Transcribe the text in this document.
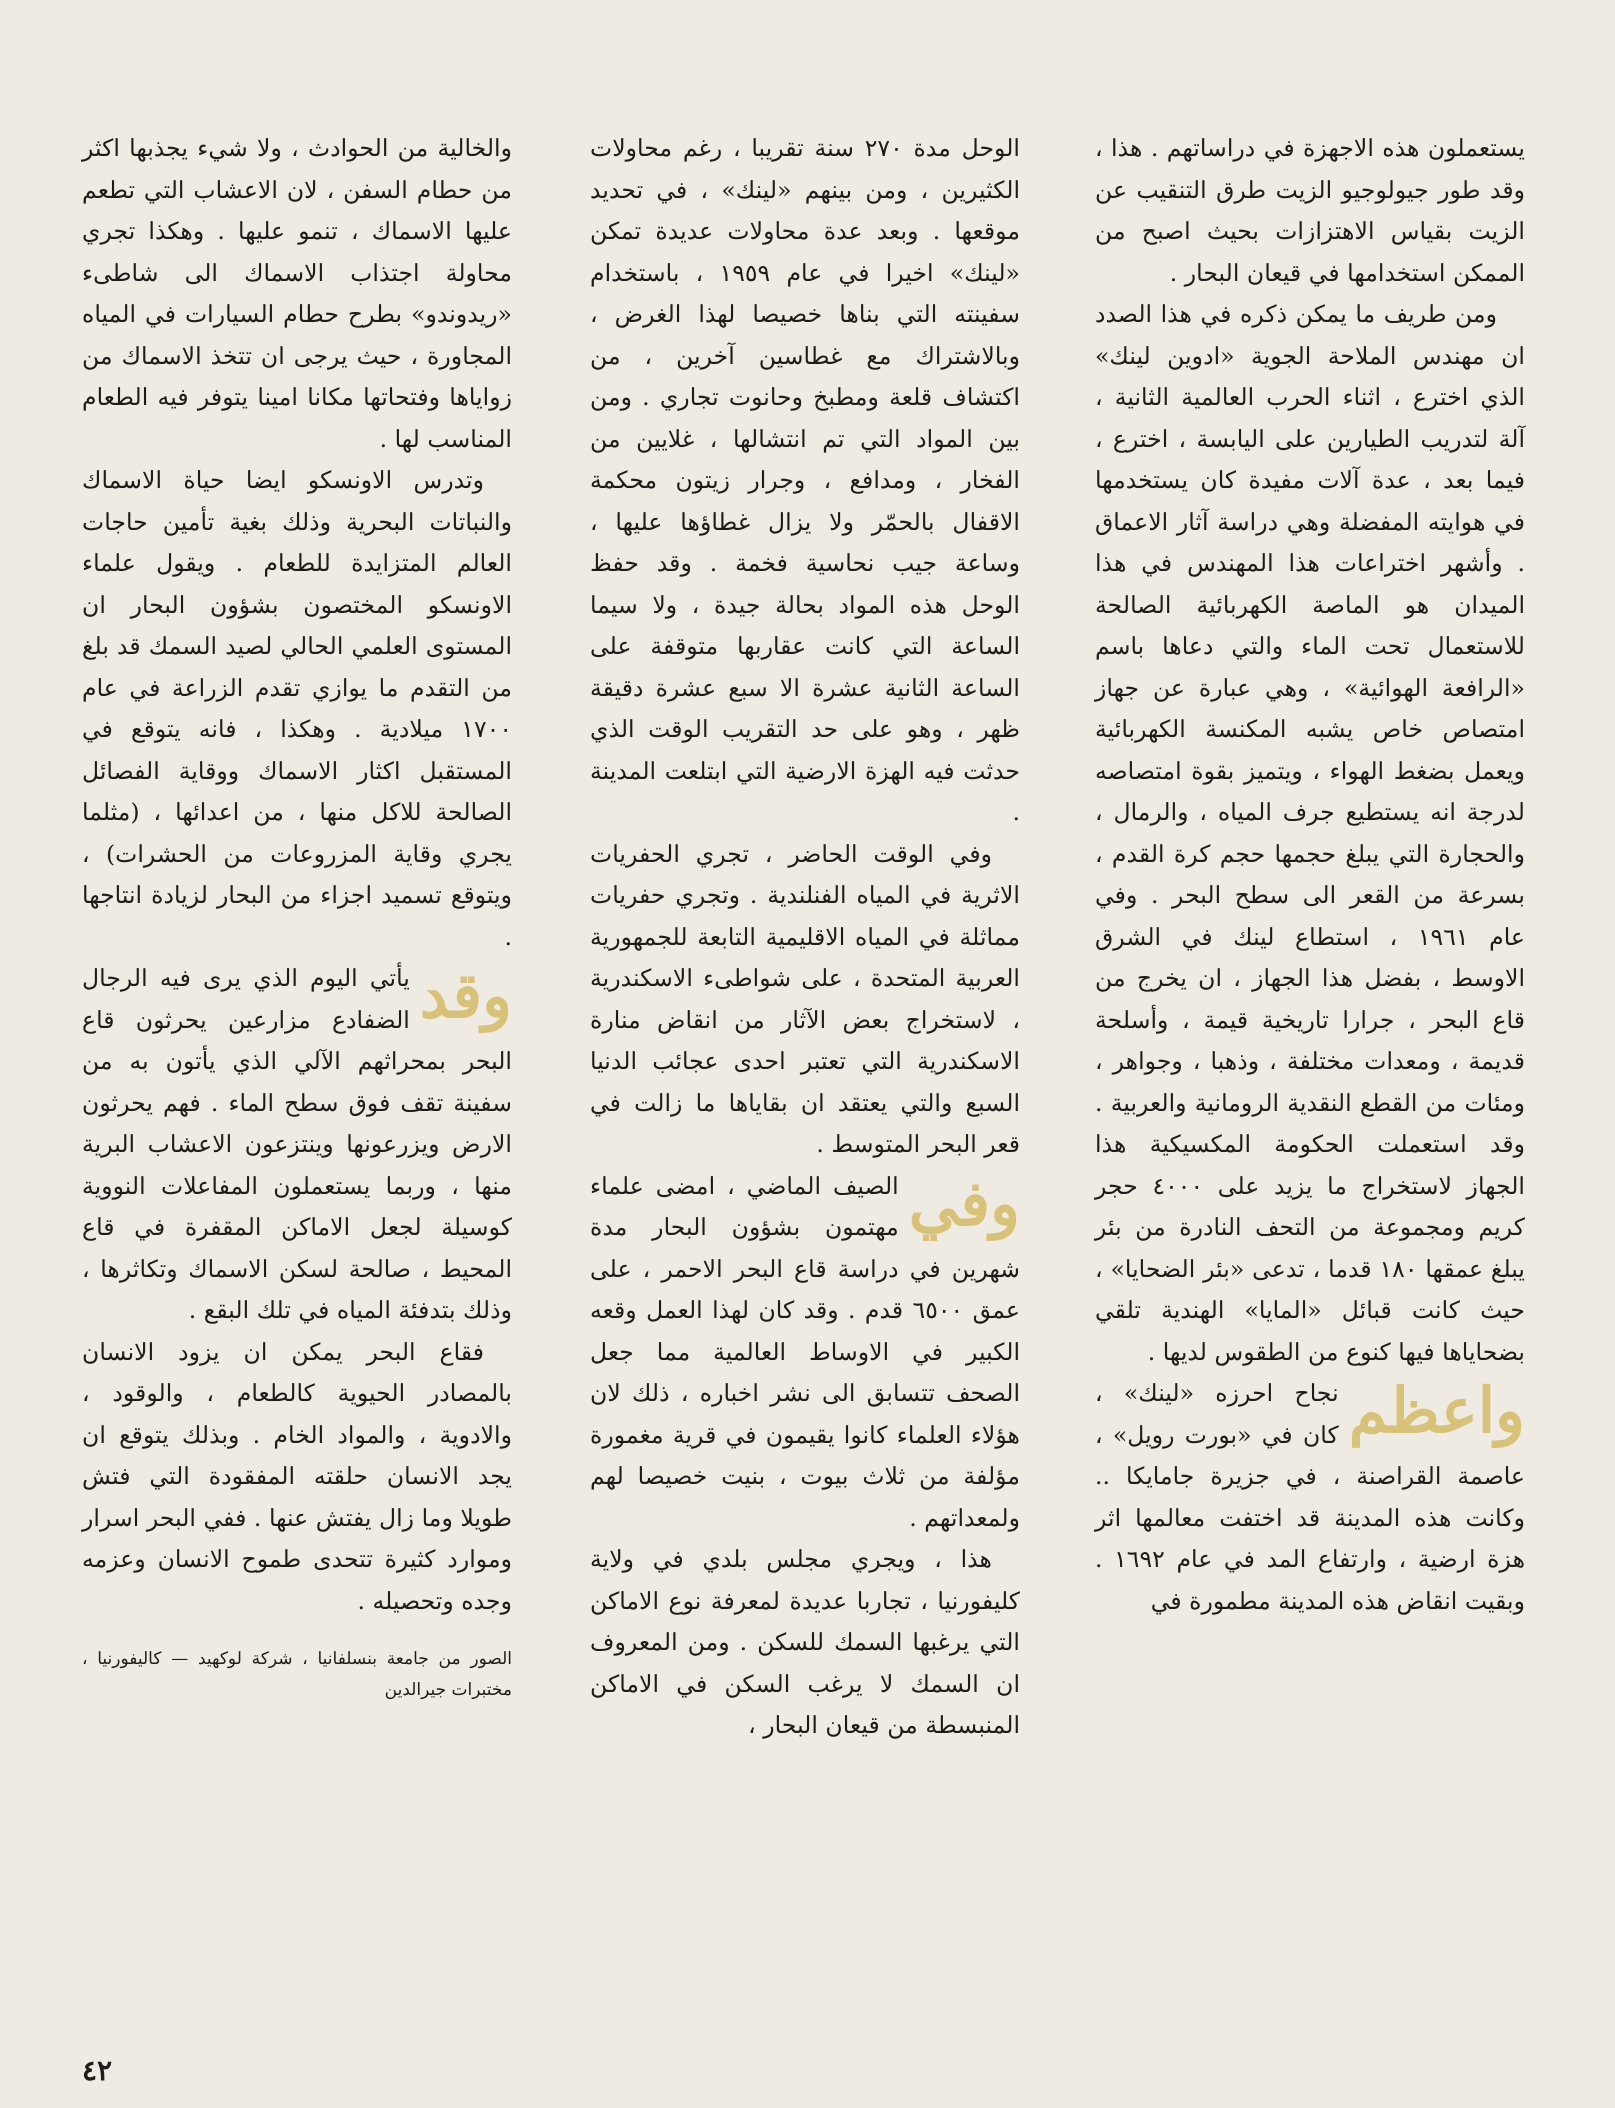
يستعملون هذه الاجهزة في دراساتهم . هذا ، وقد طور جيولوجيو الزيت طرق التنقيب عن الزيت بقياس الاهتزازات بحيث اصبح من الممكن استخدامها في قيعان البحار .

ومن طريف ما يمكن ذكره في هذا الصدد ان مهندس الملاحة الجوية «ادوين لينك» الذي اخترع ، اثناء الحرب العالمية الثانية ، آلة لتدريب الطيارين على اليابسة ، اخترع ، فيما بعد ، عدة آلات مفيدة كان يستخدمها في هوايته المفضلة وهي دراسة آثار الاعماق . وأشهر اختراعات هذا المهندس في هذا الميدان هو الماصة الكهربائية الصالحة للاستعمال تحت الماء والتي دعاها باسم «الرافعة الهوائية» ، وهي عبارة عن جهاز امتصاص خاص يشبه المكنسة الكهربائية ويعمل بضغط الهواء ، ويتميز بقوة امتصاصه لدرجة انه يستطيع جرف المياه ، والرمال ، والحجارة التي يبلغ حجمها حجم كرة القدم ، بسرعة من القعر الى سطح البحر . وفي عام ١٩٦١ ، استطاع لينك في الشرق الاوسط ، بفضل هذا الجهاز ، ان يخرج من قاع البحر ، جرارا تاريخية قيمة ، وأسلحة قديمة ، ومعدات مختلفة ، وذهبا ، وجواهر ، ومئات من القطع النقدية الرومانية والعربية . وقد استعملت الحكومة المكسيكية هذا الجهاز لاستخراج ما يزيد على ٤٠٠٠ حجر كريم ومجموعة من التحف النادرة من بئر يبلغ عمقها ١٨٠ قدما ، تدعى «بئر الضحايا» ، حيث كانت قبائل «المايا» الهندية تلقي بضحاياها فيها كنوع من الطقوس لديها .

واعظم
نجاح احرزه «لينك» ، كان في «بورت رويل» ، عاصمة القراصنة ، في جزيرة جامايكا .. وكانت هذه المدينة قد اختفت معالمها اثر هزة ارضية ، وارتفاع المد في عام ١٦٩٢ . وبقيت انقاض هذه المدينة مطمورة في

الوحل مدة ٢٧٠ سنة تقريبا ، رغم محاولات الكثيرين ، ومن بينهم «لينك» ، في تحديد موقعها . وبعد عدة محاولات عديدة تمكن «لينك» اخيرا في عام ١٩٥٩ ، باستخدام سفينته التي بناها خصيصا لهذا الغرض ، وبالاشتراك مع غطاسين آخرين ، من اكتشاف قلعة ومطبخ وحانوت تجاري . ومن بين المواد التي تم انتشالها ، غلايين من الفخار ، ومدافع ، وجرار زيتون محكمة الاقفال بالحمّر ولا يزال غطاؤها عليها ، وساعة جيب نحاسية فخمة . وقد حفظ الوحل هذه المواد بحالة جيدة ، ولا سيما الساعة التي كانت عقاربها متوقفة على الساعة الثانية عشرة الا سبع عشرة دقيقة ظهر ، وهو على حد التقريب الوقت الذي حدثت فيه الهزة الارضية التي ابتلعت المدينة .

وفي الوقت الحاضر ، تجري الحفريات الاثرية في المياه الفنلندية . وتجري حفريات مماثلة في المياه الاقليمية التابعة للجمهورية العربية المتحدة ، على شواطىء الاسكندرية ، لاستخراج بعض الآثار من انقاض منارة الاسكندرية التي تعتبر احدى عجائب الدنيا السبع والتي يعتقد ان بقاياها ما زالت في قعر البحر المتوسط .

وفي
الصيف الماضي ، امضى علماء مهتمون بشؤون البحار مدة شهرين في دراسة قاع البحر الاحمر ، على عمق ٦٥٠٠ قدم . وقد كان لهذا العمل وقعه الكبير في الاوساط العالمية مما جعل الصحف تتسابق الى نشر اخباره ، ذلك لان هؤلاء العلماء كانوا يقيمون في قرية مغمورة مؤلفة من ثلاث بيوت ، بنيت خصيصا لهم ولمعداتهم .

هذا ، ويجري مجلس بلدي في ولاية كليفورنيا ، تجاربا عديدة لمعرفة نوع الاماكن التي يرغبها السمك للسكن . ومن المعروف ان السمك لا يرغب السكن في الاماكن المنبسطة من قيعان البحار ،

والخالية من الحوادث ، ولا شيء يجذبها اكثر من حطام السفن ، لان الاعشاب التي تطعم عليها الاسماك ، تنمو عليها . وهكذا تجري محاولة اجتذاب الاسماك الى شاطىء «ريدوندو» بطرح حطام السيارات في المياه المجاورة ، حيث يرجى ان تتخذ الاسماك من زواياها وفتحاتها مكانا امينا يتوفر فيه الطعام المناسب لها .

وتدرس الاونسكو ايضا حياة الاسماك والنباتات البحرية وذلك بغية تأمين حاجات العالم المتزايدة للطعام . ويقول علماء الاونسكو المختصون بشؤون البحار ان المستوى العلمي الحالي لصيد السمك قد بلغ من التقدم ما يوازي تقدم الزراعة في عام ١٧٠٠ ميلادية . وهكذا ، فانه يتوقع في المستقبل اكثار الاسماك ووقاية الفصائل الصالحة للاكل منها ، من اعدائها ، (مثلما يجري وقاية المزروعات من الحشرات) ، ويتوقع تسميد اجزاء من البحار لزيادة انتاجها .

وقد
يأتي اليوم الذي يرى فيه الرجال الضفادع مزارعين يحرثون قاع البحر بمحراثهم الآلي الذي يأتون به من سفينة تقف فوق سطح الماء . فهم يحرثون الارض ويزرعونها وينتزعون الاعشاب البرية منها ، وربما يستعملون المفاعلات النووية كوسيلة لجعل الاماكن المقفرة في قاع المحيط ، صالحة لسكن الاسماك وتكاثرها ، وذلك بتدفئة المياه في تلك البقع .

فقاع البحر يمكن ان يزود الانسان بالمصادر الحيوية كالطعام ، والوقود ، والادوية ، والمواد الخام . وبذلك يتوقع ان يجد الانسان حلقته المفقودة التي فتش طويلا وما زال يفتش عنها . ففي البحر اسرار وموارد كثيرة تتحدى طموح الانسان وعزمه وجده وتحصيله .

الصور من جامعة بنسلفانيا ، شركة لوكهيد — كاليفورنيا ، مختبرات جيرالدين

٤٢
